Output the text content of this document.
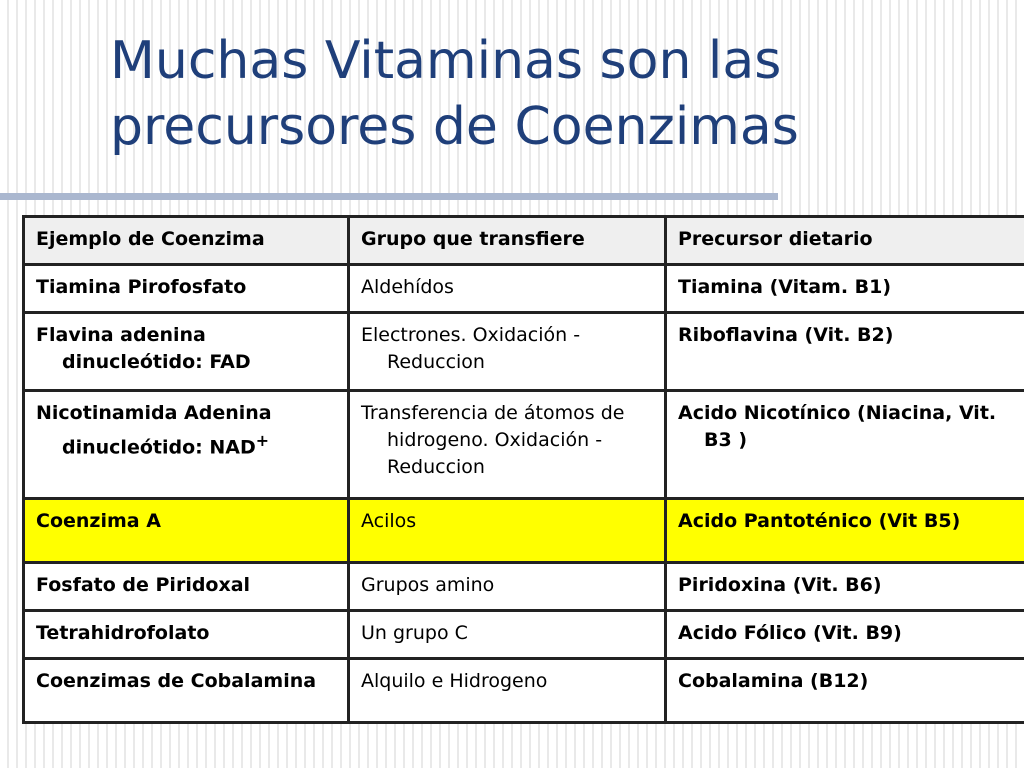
Muchas Vitaminas son las
precursores de Coenzimas
Ejemplo de Coenzima	Grupo que transfiere	Precursor dietario

Tiamina Pirofosfato	Aldehídos	Tiamina (Vitam. B1)

Flavina adenina dinucleótido: FAD	Electrones. Oxidación - Reduccion	Riboflavina (Vit. B2)

Nicotinamida Adenina dinucleótido: NAD+	Transferencia de átomos de hidrogeno. Oxidación - Reduccion	Acido Nicotínico (Niacina, Vit. B3 )

Coenzima A	Acilos	Acido Pantoténico (Vit B5)

Fosfato de Piridoxal	Grupos amino	Piridoxina (Vit. B6)

Tetrahidrofolato	Un grupo C	Acido Fólico (Vit. B9)

Coenzimas de Cobalamina	Alquilo e Hidrogeno	Cobalamina (B12)
